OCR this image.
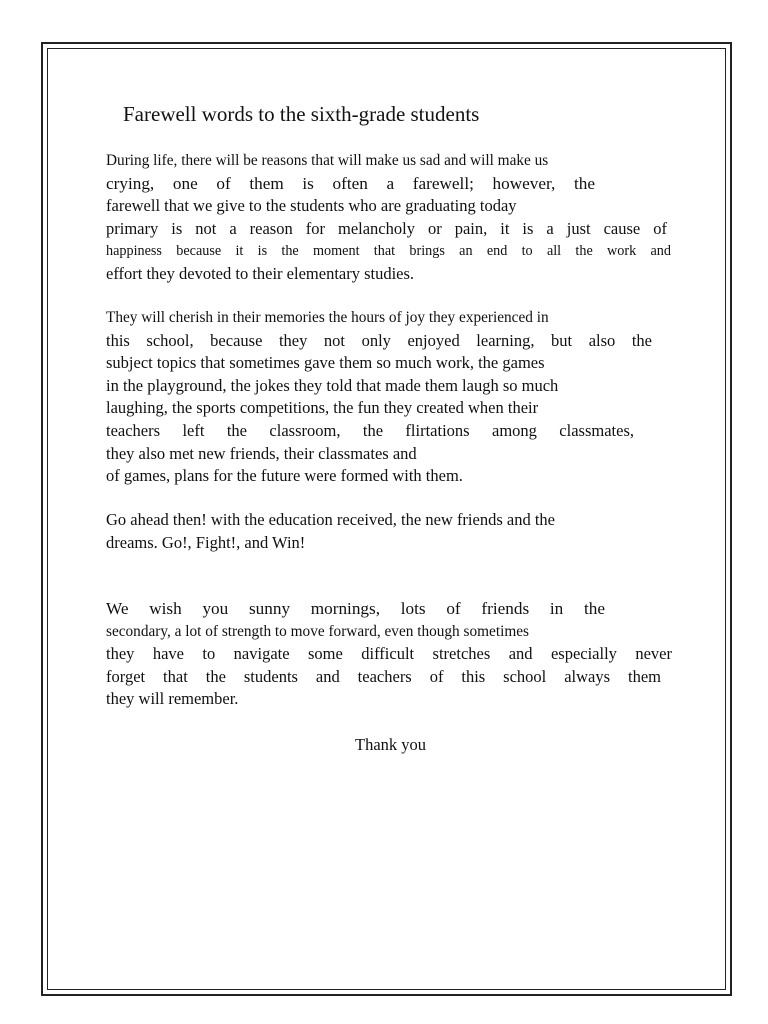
Farewell words to the sixth-grade students
During life, there will be reasons that will make us sad and will make us
crying, one of them is often a farewell; however, the
farewell that we give to the students who are graduating today
primary is not a reason for melancholy or pain, it is a just cause of
happiness because it is the moment that brings an end to all the work and
effort they devoted to their elementary studies.
They will cherish in their memories the hours of joy they experienced in
this school, because they not only enjoyed learning, but also the
subject topics that sometimes gave them so much work, the games
in the playground, the jokes they told that made them laugh so much
laughing, the sports competitions, the fun they created when their
teachers left the classroom, the flirtations among classmates,
they also met new friends, their classmates and
of games, plans for the future were formed with them.
Go ahead then! with the education received, the new friends and the
dreams. Go!, Fight!, and Win!
We wish you sunny mornings, lots of friends in the
secondary, a lot of strength to move forward, even though sometimes
they have to navigate some difficult stretches and especially never
forget that the students and teachers of this school always them
they will remember.

Thank you
